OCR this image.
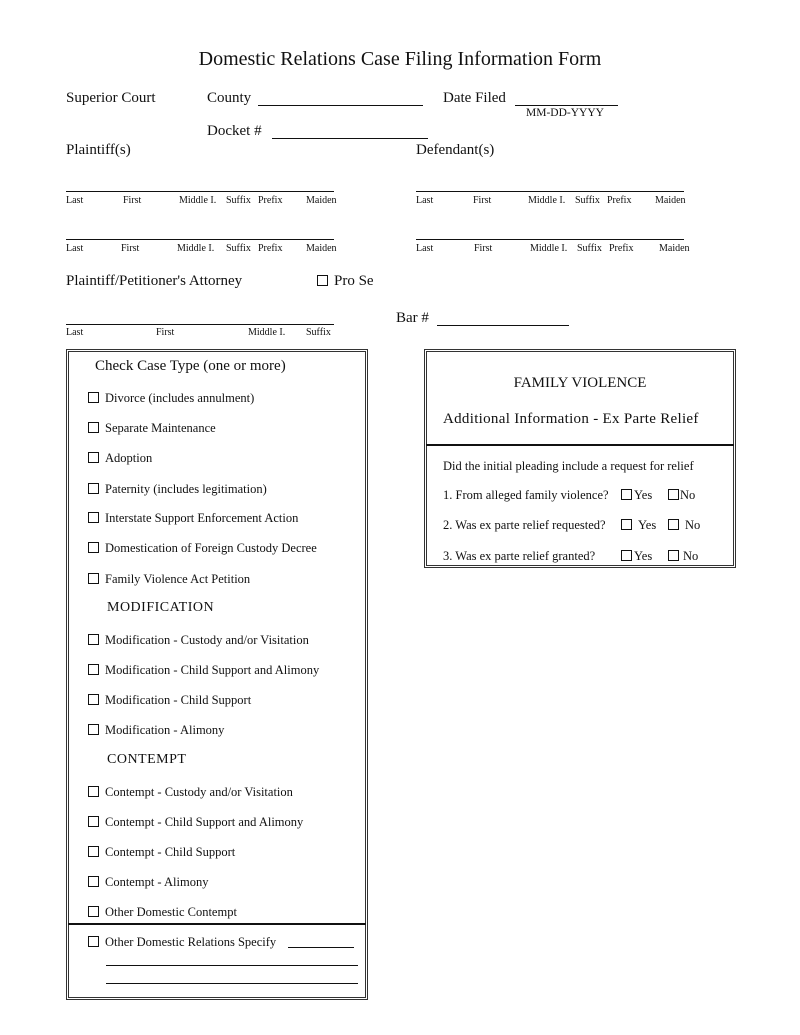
Domestic Relations Case Filing Information Form
Superior Court	County	Date Filed
MM-DD-YYYY
Docket #
Plaintiff(s)	Defendant(s)
Last	First	Middle I. Suffix Prefix Maiden
Last	First	Middle I. Suffix Prefix Maiden
Last	First	Middle I. Suffix Prefix Maiden
Last	First	Middle I. Suffix Prefix	Maiden
Plaintiff/Petitioner's Attorney	Pro Se
Last	First	Middle I. Suffix
Bar #
Check Case Type (one or more)
Divorce (includes annulment)
Separate Maintenance
Adoption
Paternity (includes legitimation)
Interstate Support Enforcement Action
Domestication of Foreign Custody Decree
Family Violence Act Petition
MODIFICATION
Modification - Custody and/or Visitation
Modification - Child Support and Alimony
Modification - Child Support
Modification - Alimony
CONTEMPT
Contempt - Custody and/or Visitation
Contempt - Child Support and Alimony
Contempt - Child Support
Contempt - Alimony
Other Domestic Contempt
Other Domestic Relations Specify
FAMILY VIOLENCE
Additional Information - Ex Parte Relief
Did the initial pleading include a request for relief
1. From alleged family violence?	Yes	No
2. Was ex parte relief requested?	Yes	No
3. Was ex parte relief granted?	Yes	No
